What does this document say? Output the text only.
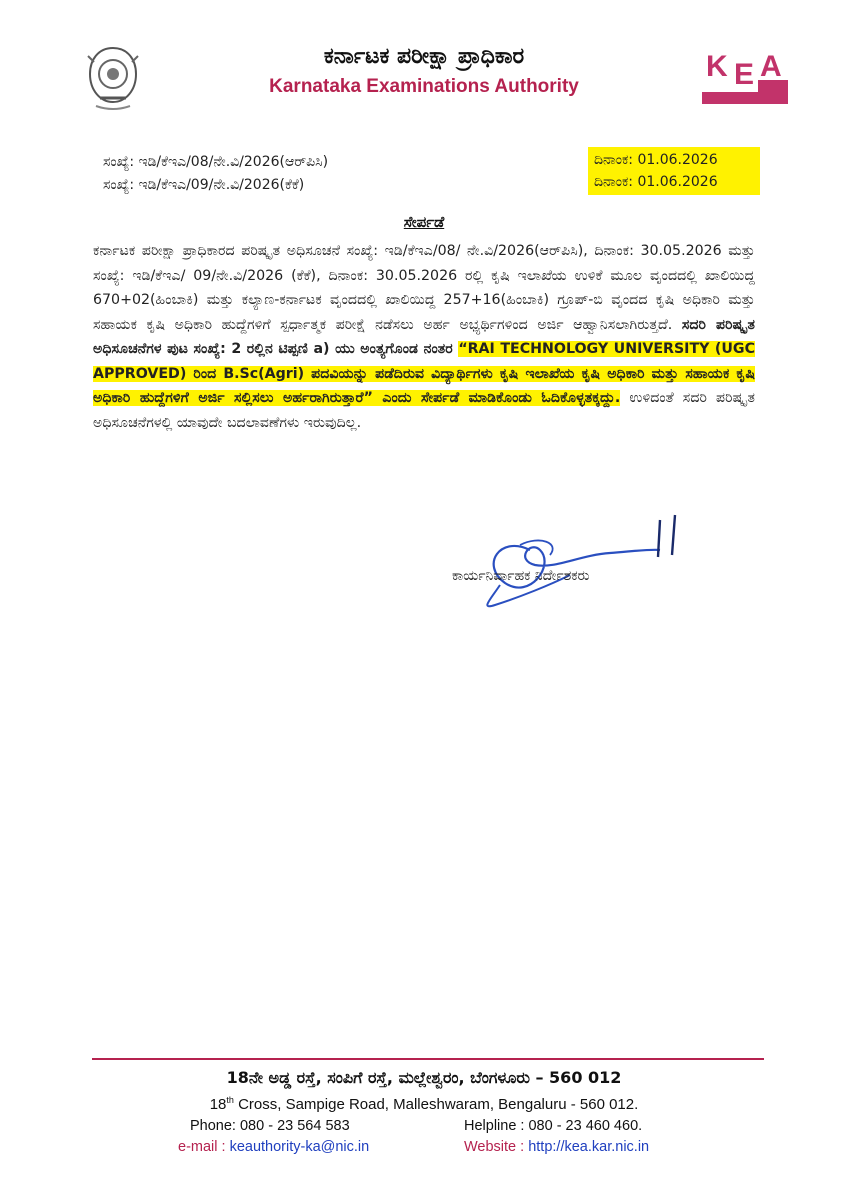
ಕರ್ನಾಟಕ ಪರೀಕ್ಷಾ ಪ್ರಾಧಿಕಾರ
Karnataka Examinations Authority
K E A
ಸಂಖ್ಯೆ: ಇಡಿ/ಕೆಇಎ/08/ನೇ.ವಿ/2026(ಆರ್‌ಪಿಸಿ)
ಸಂಖ್ಯೆ: ಇಡಿ/ಕೆಇಎ/09/ನೇ.ವಿ/2026(ಕೆಕೆ)
ದಿನಾಂಕ: 01.06.2026
ದಿನಾಂಕ: 01.06.2026
ಸೇರ್ಪಡೆ
ಕರ್ನಾಟಕ ಪರೀಕ್ಷಾ ಪ್ರಾಧಿಕಾರದ ಪರಿಷ್ಕೃತ ಅಧಿಸೂಚನೆ ಸಂಖ್ಯೆ: ಇಡಿ/ಕೆಇಎ/08/ ನೇ.ವಿ/2026(ಆರ್‌ಪಿಸಿ), ದಿನಾಂಕ: 30.05.2026 ಮತ್ತು ಸಂಖ್ಯೆ: ಇಡಿ/ಕೆಇಎ/ 09/ನೇ.ವಿ/2026 (ಕೆಕೆ), ದಿನಾಂಕ: 30.05.2026 ರಲ್ಲಿ ಕೃಷಿ ಇಲಾಖೆಯ ಉಳಿಕೆ ಮೂಲ ವೃಂದದಲ್ಲಿ ಖಾಲಿಯಿದ್ದ 670+02(ಹಿಂಬಾಕಿ) ಮತ್ತು ಕಲ್ಯಾಣ-ಕರ್ನಾಟಕ ವೃಂದದಲ್ಲಿ ಖಾಲಿಯಿದ್ದ 257+16(ಹಿಂಬಾಕಿ) ಗ್ರೂಪ್-ಬಿ ವೃಂದದ ಕೃಷಿ ಅಧಿಕಾರಿ ಮತ್ತು ಸಹಾಯಕ ಕೃಷಿ ಅಧಿಕಾರಿ ಹುದ್ದೆಗಳಿಗೆ ಸ್ಪರ್ಧಾತ್ಮಕ ಪರೀಕ್ಷೆ ನಡೆಸಲು ಅರ್ಹ ಅಭ್ಯರ್ಥಿಗಳಿಂದ ಅರ್ಜಿ ಆಹ್ವಾನಿಸಲಾಗಿರುತ್ತದೆ. ಸದರಿ ಪರಿಷ್ಕೃತ ಅಧಿಸೂಚನೆಗಳ ಪುಟ ಸಂಖ್ಯೆ: 2 ರಲ್ಲಿನ ಟಿಪ್ಪಣಿ a) ಯು ಅಂತ್ಯಗೊಂಡ ನಂತರ “RAI TECHNOLOGY UNIVERSITY (UGC APPROVED) ರಿಂದ B.Sc(Agri) ಪದವಿಯನ್ನು ಪಡೆದಿರುವ ವಿದ್ಯಾರ್ಥಿಗಳು ಕೃಷಿ ಇಲಾಖೆಯ ಕೃಷಿ ಅಧಿಕಾರಿ ಮತ್ತು ಸಹಾಯಕ ಕೃಷಿ ಅಧಿಕಾರಿ ಹುದ್ದೆಗಳಿಗೆ ಅರ್ಜಿ ಸಲ್ಲಿಸಲು ಅರ್ಹರಾಗಿರುತ್ತಾರೆ” ಎಂದು ಸೇರ್ಪಡೆ ಮಾಡಿಕೊಂಡು ಓದಿಕೊಳ್ಳತಕ್ಕದ್ದು. ಉಳಿದಂತೆ ಸದರಿ ಪರಿಷ್ಕೃತ ಅಧಿಸೂಚನೆಗಳಲ್ಲಿ ಯಾವುದೇ ಬದಲಾವಣೆಗಳು ಇರುವುದಿಲ್ಲ.
ಕಾರ್ಯನಿರ್ವಾಹಕ ನಿರ್ದೇಶಕರು
18ನೇ ಅಡ್ಡ ರಸ್ತೆ, ಸಂಪಿಗೆ ರಸ್ತೆ, ಮಲ್ಲೇಶ್ವರಂ, ಬೆಂಗಳೂರು – 560 012
18th Cross, Sampige Road, Malleshwaram, Bengaluru - 560 012.
Phone: 080 - 23 564 583	Helpline : 080 - 23 460 460.
e-mail : keauthority-ka@nic.in	Website : http://kea.kar.nic.in
